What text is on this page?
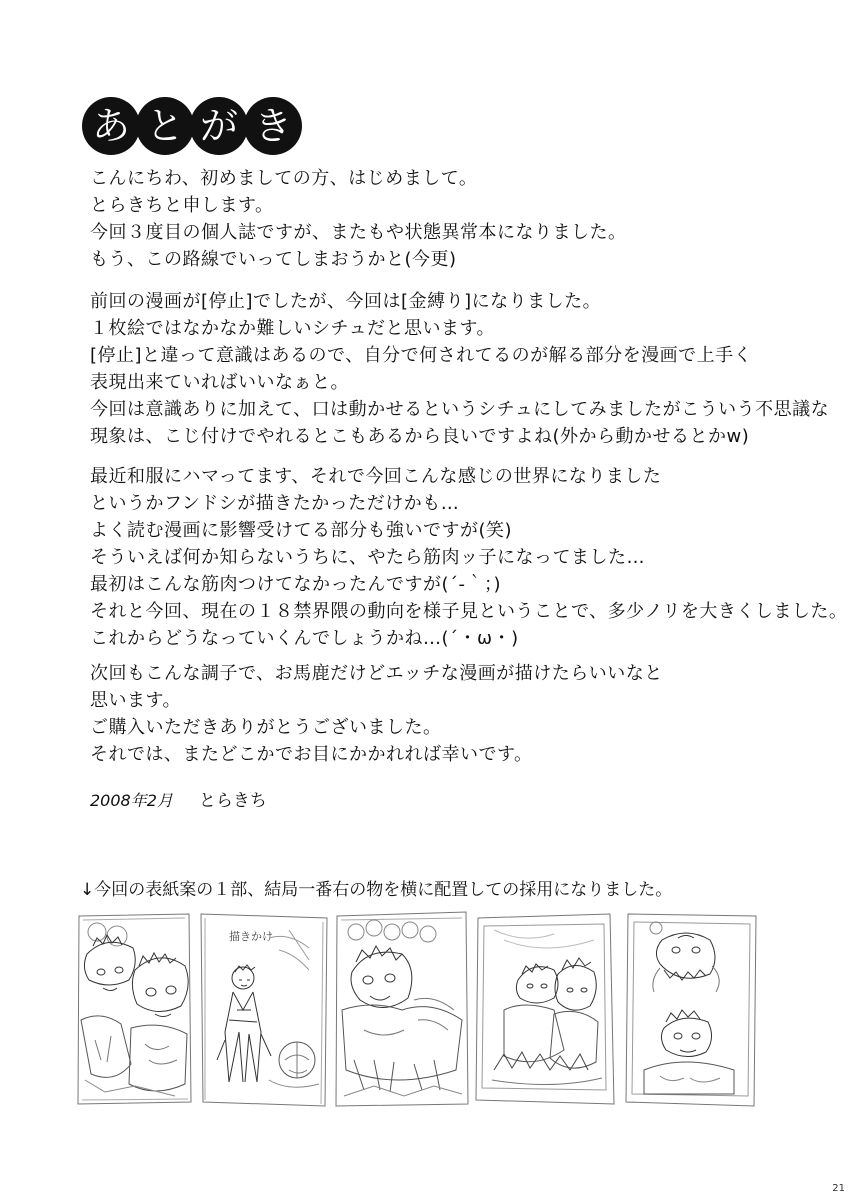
あ と が き
こんにちわ、初めましての方、はじめまして。
とらきちと申します。
今回３度目の個人誌ですが、またもや状態異常本になりました。
もう、この路線でいってしまおうかと(今更)
前回の漫画が[停止]でしたが、今回は[金縛り]になりました。
１枚絵ではなかなか難しいシチュだと思います。
[停止]と違って意識はあるので、自分で何されてるのが解る部分を漫画で上手く
表現出来ていればいいなぁと。
今回は意識ありに加えて、口は動かせるというシチュにしてみましたがこういう不思議な
現象は、こじ付けでやれるとこもあるから良いですよね(外から動かせるとかw)
最近和服にハマってます、それで今回こんな感じの世界になりました
というかフンドシが描きたかっただけかも…
よく読む漫画に影響受けてる部分も強いですが(笑)
そういえば何か知らないうちに、やたら筋肉ッ子になってました…
最初はこんな筋肉つけてなかったんですが(´-｀；)
それと今回、現在の１８禁界隈の動向を様子見ということで、多少ノリを大きくしました。
これからどうなっていくんでしょうかね…(´・ω・)
次回もこんな調子で、お馬鹿だけどエッチな漫画が描けたらいいなと
思います。
ご購入いただきありがとうございました。
それでは、またどこかでお目にかかれれば幸いです。
2008年2月 とらきち
↓今回の表紙案の１部、結局一番右の物を横に配置しての採用になりました。
描きかけ
21
